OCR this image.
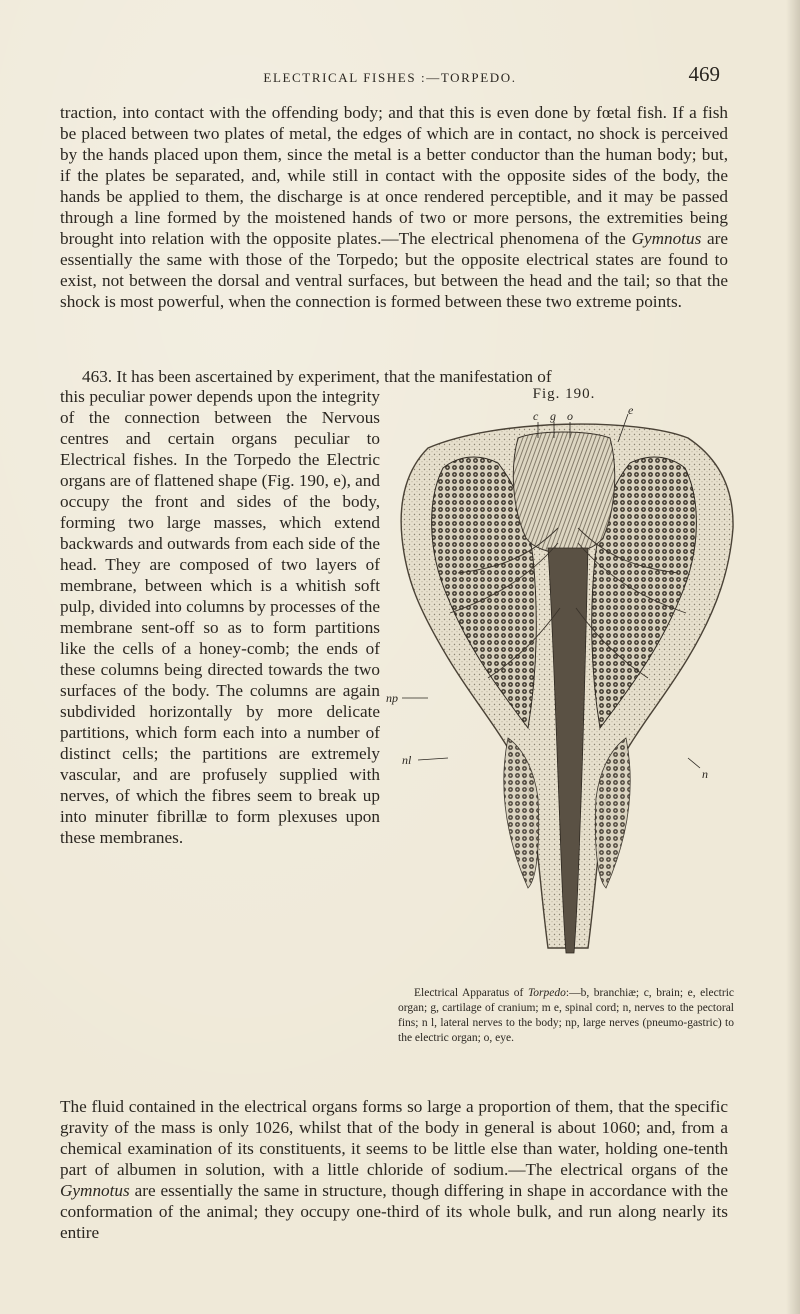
ELECTRICAL FISHES :—TORPEDO.	469

traction, into contact with the offending body; and that this is even done by fœtal fish. If a fish be placed between two plates of metal, the edges of which are in contact, no shock is perceived by the hands placed upon them, since the metal is a better conductor than the human body; but, if the plates be separated, and, while still in contact with the opposite sides of the body, the hands be applied to them, the discharge is at once rendered perceptible, and it may be passed through a line formed by the moistened hands of two or more persons, the extremities being brought into relation with the opposite plates.—The electrical phenomena of the Gymnotus are essentially the same with those of the Torpedo; but the opposite electrical states are found to exist, not between the dorsal and ventral surfaces, but between the head and the tail; so that the shock is most powerful, when the connection is formed between these two extreme points.

463. It has been ascertained by experiment, that the manifestation of

this peculiar power depends upon the integrity of the connection between the Nervous centres and certain organs peculiar to Electrical fishes. In the Torpedo the Electric organs are of flattened shape (Fig. 190, e), and occupy the front and sides of the body, forming two large masses, which extend backwards and outwards from each side of the head. They are composed of two layers of membrane, between which is a whitish soft pulp, divided into columns by processes of the membrane sent-off so as to form partitions like the cells of a honey-comb; the ends of these columns being directed towards the two surfaces of the body. The columns are again subdivided horizontally by more delicate partitions, which form each into a number of distinct cells; the partitions are extremely vascular, and are profusely supplied with nerves, of which the fibres seem to break up into minuter fibrillæ to form plexuses upon these membranes.

Fig. 190.
c g o	e
np
nl
n
Electrical Apparatus of Torpedo:—b, branchiæ; c, brain; e, electric organ; g, cartilage of cranium; m e, spinal cord; n, nerves to the pectoral fins; n l, lateral nerves to the body; np, large nerves (pneumo-gastric) to the electric organ; o, eye.

The fluid contained in the electrical organs forms so large a proportion of them, that the specific gravity of the mass is only 1026, whilst that of the body in general is about 1060; and, from a chemical examination of its constituents, it seems to be little else than water, holding one-tenth part of albumen in solution, with a little chloride of sodium.—The electrical organs of the Gymnotus are essentially the same in structure, though differing in shape in accordance with the conformation of the animal; they occupy one-third of its whole bulk, and run along nearly its entire
